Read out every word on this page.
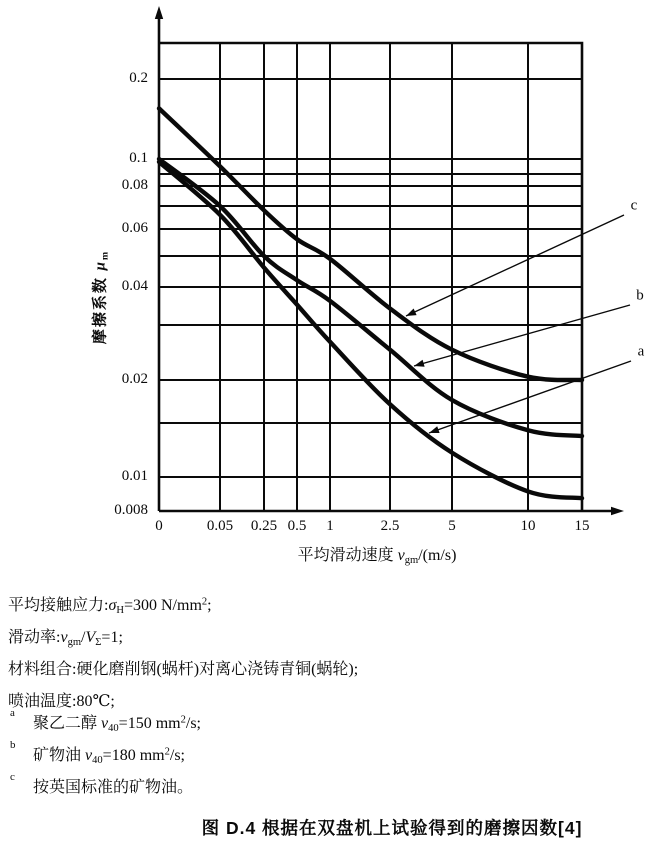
0.2
0.1
0.08
0.06
0.04
0.02
0.01
0.008
0	0.05 0.25 0.5 1	2.5	5	10	15
c
b
a
摩擦系数 $\mu_m$
平均滑动速度 $v_{gm}/(m/s)$
平均接触应力$:\sigma_H=300$ $N/mm^2$;
滑动率$:v_{gm}/V_\Sigma=1$;
材料组合:硬化磨削钢(蜗杆)对离心浇铸青铜(蜗轮);
喷油温度:80℃;
a聚乙二醇 $\nu_{40}=150$ $mm^2/s$;
b矿物油 $\nu_{40}=180$ $mm^2/s$;
c按英国标准的矿物油。
图 D.4 根据在双盘机上试验得到的磨擦因数[4]
